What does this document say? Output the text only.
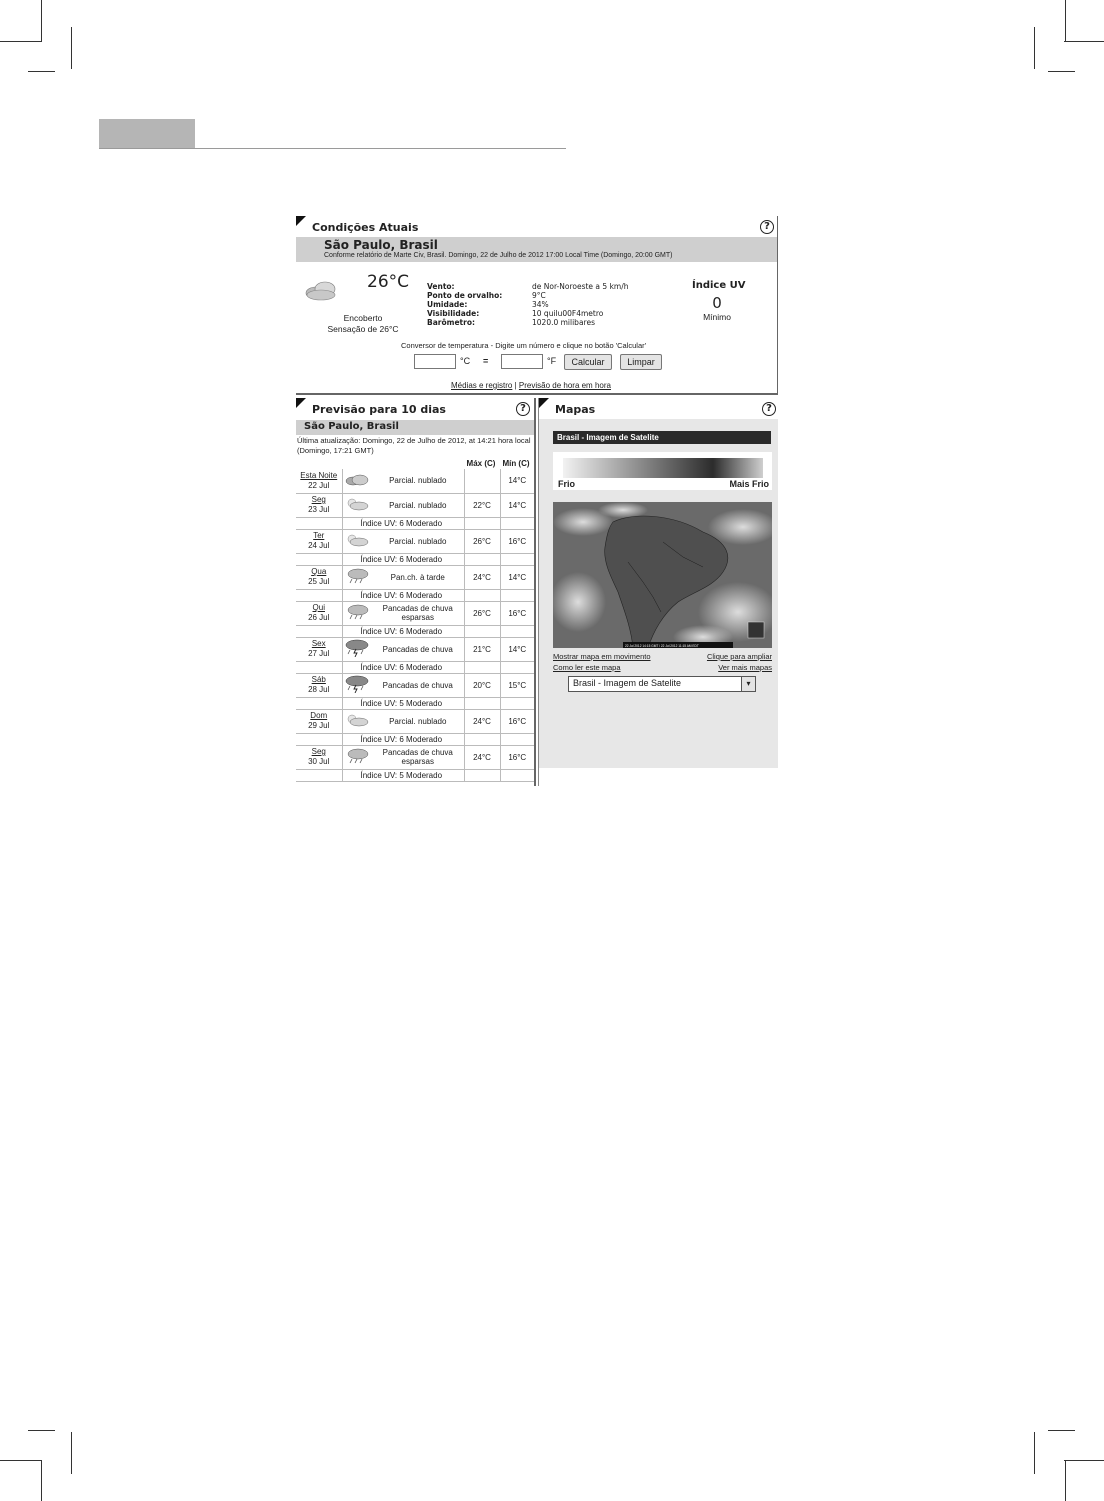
Condições Atuais	?
São Paulo, Brasil
Conforme relatório de Marte Civ, Brasil. Domingo, 22 de Julho de 2012 17:00 Local Time (Domingo, 20:00 GMT)
26°C
Encoberto
Sensação de 26°C
Vento:	de Nor-Noroeste a 5 km/h
Ponto de orvalho:	9°C
Umidade:	34%
Visibilidade:	10 quilu00F4metro
Barômetro:	1020.0 milibares
Índice UV
0
Mínimo
Conversor de temperatura - Digite um número e clique no botão 'Calcular'
°C =	°F	Calcular	Limpar
Médias e registro | Previsão de hora em hora
Previsão para 10 dias	?
São Paulo, Brasil
Última atualização: Domingo, 22 de Julho de 2012, at 14:21 hora local (Domingo, 17:21 GMT)
			Máx (C)	Mín (C)

Esta Noite
22 Jul		Parcial. nublado		14°C

Seg
23 Jul		Parcial. nublado	22°C	14°C
	Índice UV: 6 Moderado			

Ter
24 Jul		Parcial. nublado	26°C	16°C
	Índice UV: 6 Moderado			

Qua
25 Jul		Pan.ch. à tarde	24°C	14°C
	Índice UV: 6 Moderado			

Qui
26 Jul		Pancadas de chuva esparsas	26°C	16°C
	Índice UV: 6 Moderado			

Sex
27 Jul		Pancadas de chuva	21°C	14°C
	Índice UV: 6 Moderado			

Sáb
28 Jul		Pancadas de chuva	20°C	15°C
	Índice UV: 5 Moderado			

Dom
29 Jul		Parcial. nublado	24°C	16°C
	Índice UV: 6 Moderado			

Seg
30 Jul		Pancadas de chuva esparsas	24°C	16°C
	Índice UV: 5 Moderado			
Mapas	?
Brasil - Imagem de Satelite
Frio	Mais Frio
22 Jul 2012 14:15 GMT / 22 Jul 2012 11:15 AM EDT
Mostrar mapa em movimento	Clique para ampliar
Como ler este mapa	Ver mais mapas
Brasil - Imagem de Satelite	▾
